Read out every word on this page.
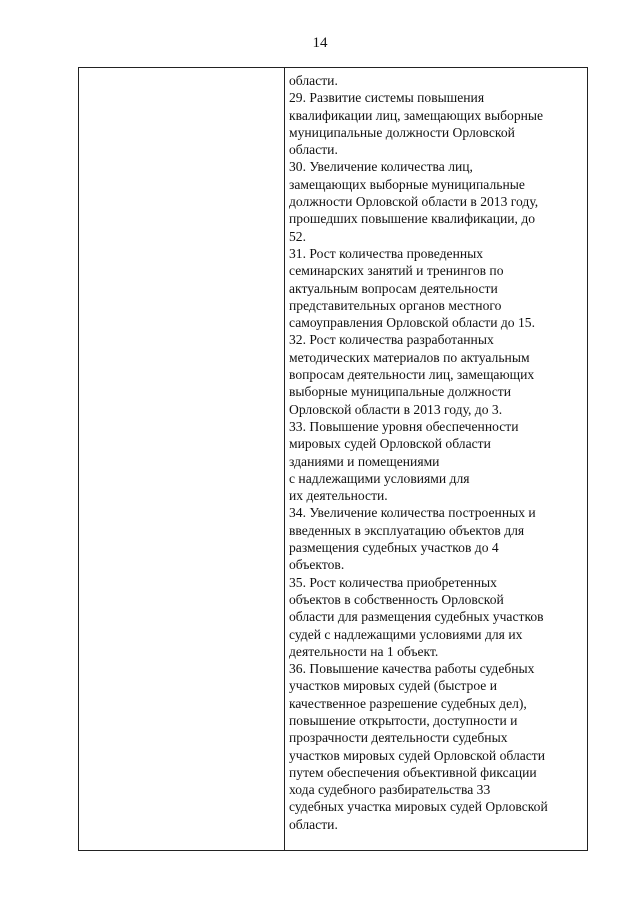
14
области.
29. Развитие системы повышения
квалификации лиц, замещающих выборные
муниципальные должности Орловской
области.
30. Увеличение количества лиц,
замещающих выборные муниципальные
должности Орловской области в 2013 году,
прошедших повышение квалификации, до
52.
31. Рост количества проведенных
семинарских занятий и тренингов по
актуальным вопросам деятельности
представительных органов местного
самоуправления Орловской области до 15.
32. Рост количества разработанных
методических материалов по актуальным
вопросам деятельности лиц, замещающих
выборные муниципальные должности
Орловской области в 2013 году, до 3.
33. Повышение уровня обеспеченности
мировых судей Орловской области
зданиями и помещениями
с надлежащими условиями для
их деятельности.
34. Увеличение количества построенных и
введенных в эксплуатацию объектов для
размещения судебных участков до 4
объектов.
35. Рост количества приобретенных
объектов в собственность Орловской
области для размещения судебных участков
судей с надлежащими условиями для их
деятельности на 1 объект.
36. Повышение качества работы судебных
участков мировых судей (быстрое и
качественное разрешение судебных дел),
повышение открытости, доступности и
прозрачности деятельности судебных
участков мировых судей Орловской области
путем обеспечения объективной фиксации
хода судебного разбирательства 33
судебных участка мировых судей Орловской
области.
